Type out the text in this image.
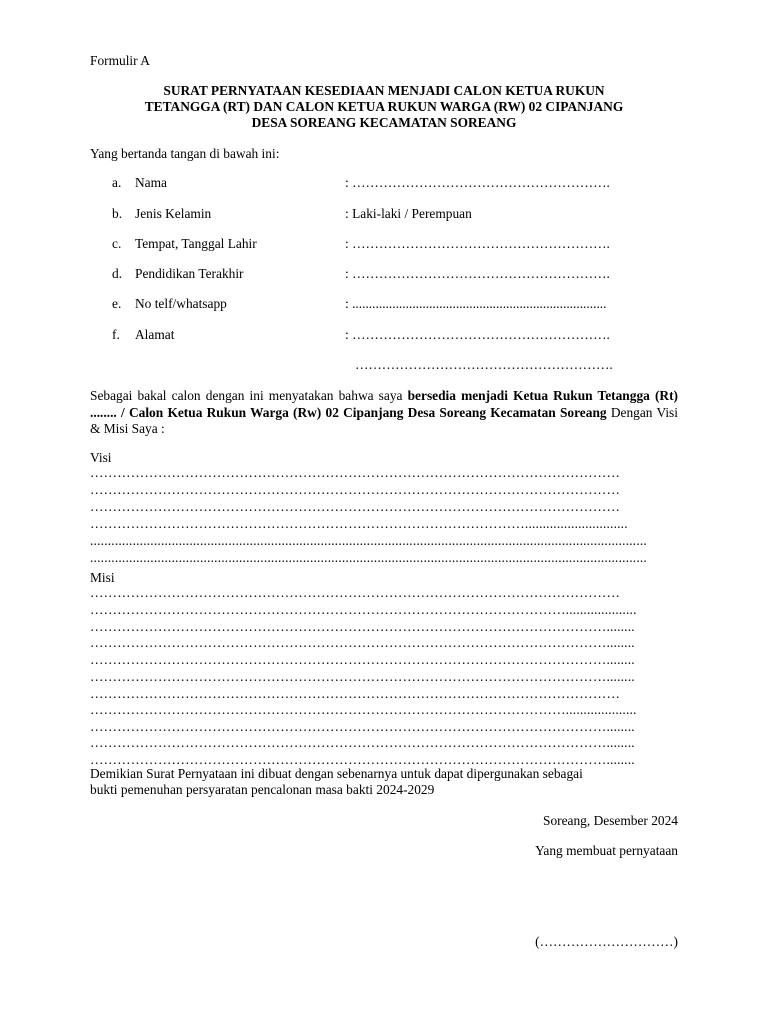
Formulir A
SURAT PERNYATAAN KESEDIAAN MENJADI CALON KETUA RUKUN
TETANGGA (RT) DAN CALON KETUA RUKUN WARGA (RW) 02 CIPANJANG
DESA SOREANG KECAMATAN SOREANG
Yang bertanda tangan di bawah ini:
a. Nama	: ………………………………………………….
b. Jenis Kelamin	: Laki-laki / Perempuan
c. Tempat, Tanggal Lahir	: ………………………………………………….
d. Pendidikan Terakhir	: ………………………………………………….
e. No telf/whatsapp	: ............................................................................
f. Alamat	: ………………………………………………….
………………………………………………….
Sebagai bakal calon dengan ini menyatakan bahwa saya bersedia menjadi Ketua Rukun Tetangga (Rt) ........ / Calon Ketua Rukun Warga (Rw) 02 Cipanjang Desa Soreang Kecamatan Soreang Dengan Visi & Misi Saya :
Visi
………………………………………………………………………………………………………
………………………………………………………………………………………………………
………………………………………………………………………………………………………
…………………………………………………………………………………….............................
.............................................................................................................................................................
.............................................................................................................................................................
Misi
………………………………………………………………………………………………………
……………………………………………………………………………………………....................
……………………………………………………………………………………………………........
……………………………………………………………………………………………………........
……………………………………………………………………………………………………........
……………………………………………………………………………………………………........
………………………………………………………………………………………………………
……………………………………………………………………………………………....................
……………………………………………………………………………………………………........
……………………………………………………………………………………………………........
……………………………………………………………………………………………………........
Demikian Surat Pernyataan ini dibuat dengan sebenarnya untuk dapat dipergunakan sebagai
bukti pemenuhan persyaratan pencalonan masa bakti 2024-2029
Soreang, Desember 2024
Yang membuat pernyataan
(…………………………)
